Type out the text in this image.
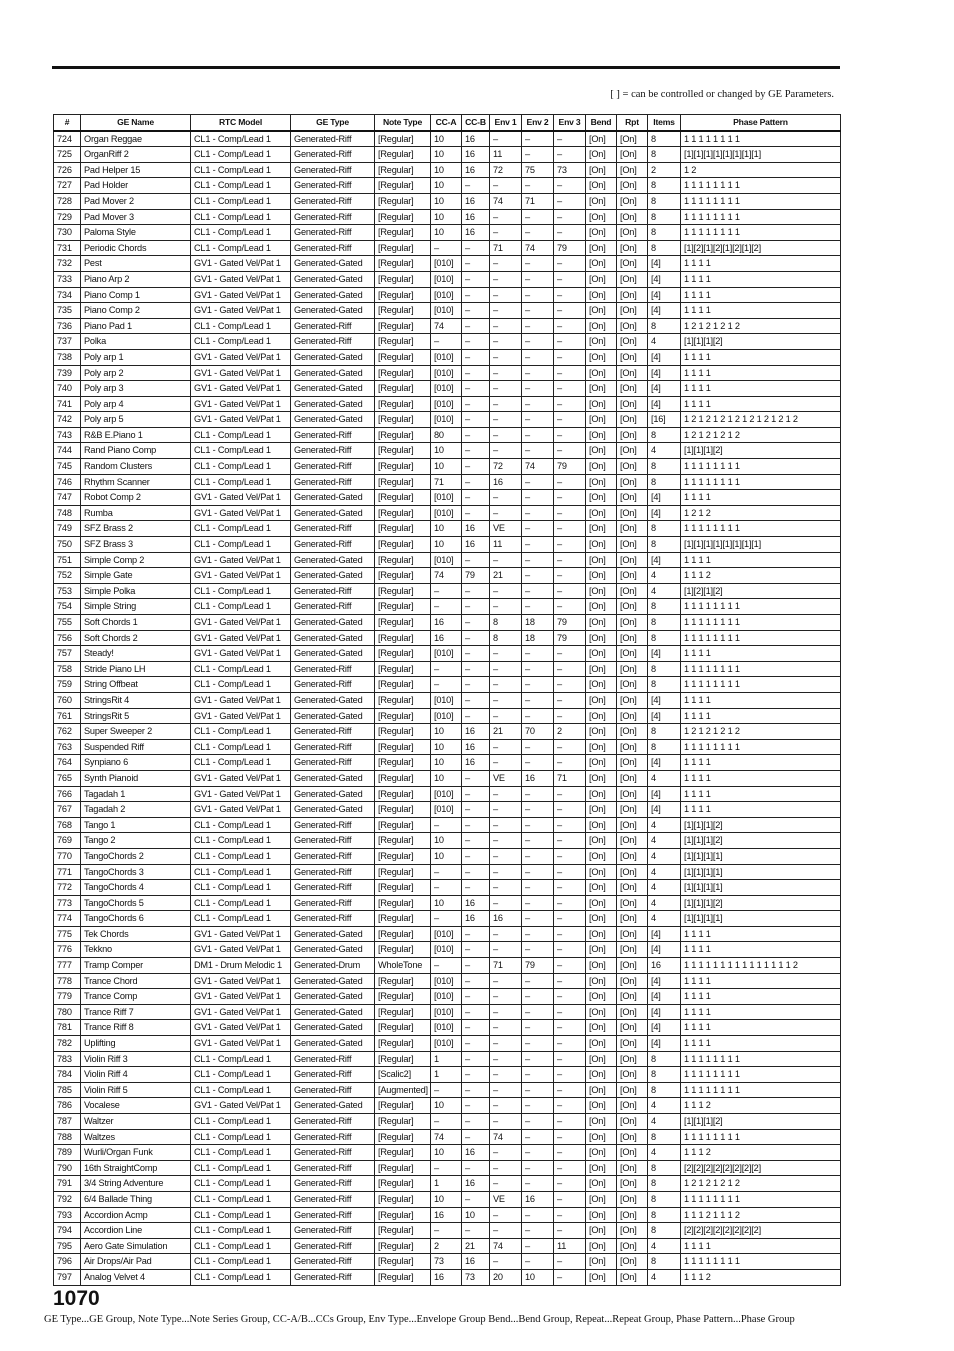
[ ] = can be controlled or changed by GE Parameters.
#	GE Name	RTC Model	GE Type	Note Type	CC-A	CC-B	Env 1	Env 2	Env 3	Bend	Rpt	Items	Phase Pattern
724	Organ Reggae	CL1 - Comp/Lead 1	Generated-Riff	[Regular]	10	16	–	–	–	[On]	[On]	8	1 1 1 1 1 1 1 1
725	OrganRiff 2	CL1 - Comp/Lead 1	Generated-Riff	[Regular]	10	16	11	–	–	[On]	[On]	8	[1][1][1][1][1][1][1][1]
726	Pad Helper 15	CL1 - Comp/Lead 1	Generated-Riff	[Regular]	10	16	72	75	73	[On]	[On]	2	1 2
727	Pad Holder	CL1 - Comp/Lead 1	Generated-Riff	[Regular]	10	–	–	–	–	[On]	[On]	8	1 1 1 1 1 1 1 1
728	Pad Mover 2	CL1 - Comp/Lead 1	Generated-Riff	[Regular]	10	16	74	71	–	[On]	[On]	8	1 1 1 1 1 1 1 1
729	Pad Mover 3	CL1 - Comp/Lead 1	Generated-Riff	[Regular]	10	16	–	–	–	[On]	[On]	8	1 1 1 1 1 1 1 1
730	Paloma Style	CL1 - Comp/Lead 1	Generated-Riff	[Regular]	10	16	–	–	–	[On]	[On]	8	1 1 1 1 1 1 1 1
731	Periodic Chords	CL1 - Comp/Lead 1	Generated-Riff	[Regular]	–	–	71	74	79	[On]	[On]	8	[1][2][1][2][1][2][1][2]
732	Pest	GV1 - Gated Vel/Pat 1	Generated-Gated	[Regular]	[010]	–	–	–	–	[On]	[On]	[4]	1 1 1 1
733	Piano Arp 2	GV1 - Gated Vel/Pat 1	Generated-Gated	[Regular]	[010]	–	–	–	–	[On]	[On]	[4]	1 1 1 1
734	Piano Comp 1	GV1 - Gated Vel/Pat 1	Generated-Gated	[Regular]	[010]	–	–	–	–	[On]	[On]	[4]	1 1 1 1
735	Piano Comp 2	GV1 - Gated Vel/Pat 1	Generated-Gated	[Regular]	[010]	–	–	–	–	[On]	[On]	[4]	1 1 1 1
736	Piano Pad 1	CL1 - Comp/Lead 1	Generated-Riff	[Regular]	74	–	–	–	–	[On]	[On]	8	1 2 1 2 1 2 1 2
737	Polka	CL1 - Comp/Lead 1	Generated-Riff	[Regular]	–	–	–	–	–	[On]	[On]	4	[1][1][1][2]
738	Poly arp 1	GV1 - Gated Vel/Pat 1	Generated-Gated	[Regular]	[010]	–	–	–	–	[On]	[On]	[4]	1 1 1 1
739	Poly arp 2	GV1 - Gated Vel/Pat 1	Generated-Gated	[Regular]	[010]	–	–	–	–	[On]	[On]	[4]	1 1 1 1
740	Poly arp 3	GV1 - Gated Vel/Pat 1	Generated-Gated	[Regular]	[010]	–	–	–	–	[On]	[On]	[4]	1 1 1 1
741	Poly arp 4	GV1 - Gated Vel/Pat 1	Generated-Gated	[Regular]	[010]	–	–	–	–	[On]	[On]	[4]	1 1 1 1
742	Poly arp 5	GV1 - Gated Vel/Pat 1	Generated-Gated	[Regular]	[010]	–	–	–	–	[On]	[On]	[16]	1 2 1 2 1 2 1 2 1 2 1 2 1 2 1 2
743	R&B E.Piano 1	CL1 - Comp/Lead 1	Generated-Riff	[Regular]	80	–	–	–	–	[On]	[On]	8	1 2 1 2 1 2 1 2
744	Rand Piano Comp	CL1 - Comp/Lead 1	Generated-Riff	[Regular]	10	–	–	–	–	[On]	[On]	4	[1][1][1][2]
745	Random Clusters	CL1 - Comp/Lead 1	Generated-Riff	[Regular]	10	–	72	74	79	[On]	[On]	8	1 1 1 1 1 1 1 1
746	Rhythm Scanner	CL1 - Comp/Lead 1	Generated-Riff	[Regular]	71	–	16	–	–	[On]	[On]	8	1 1 1 1 1 1 1 1
747	Robot Comp 2	GV1 - Gated Vel/Pat 1	Generated-Gated	[Regular]	[010]	–	–	–	–	[On]	[On]	[4]	1 1 1 1
748	Rumba	GV1 - Gated Vel/Pat 1	Generated-Gated	[Regular]	[010]	–	–	–	–	[On]	[On]	[4]	1 2 1 2
749	SFZ Brass 2	CL1 - Comp/Lead 1	Generated-Riff	[Regular]	10	16	VE	–	–	[On]	[On]	8	1 1 1 1 1 1 1 1
750	SFZ Brass 3	CL1 - Comp/Lead 1	Generated-Riff	[Regular]	10	16	11	–	–	[On]	[On]	8	[1][1][1][1][1][1][1][1]
751	Simple Comp 2	GV1 - Gated Vel/Pat 1	Generated-Gated	[Regular]	[010]	–	–	–	–	[On]	[On]	[4]	1 1 1 1
752	Simple Gate	GV1 - Gated Vel/Pat 1	Generated-Gated	[Regular]	74	79	21	–	–	[On]	[On]	4	1 1 1 2
753	Simple Polka	CL1 - Comp/Lead 1	Generated-Riff	[Regular]	–	–	–	–	–	[On]	[On]	4	[1][2][1][2]
754	Simple String	CL1 - Comp/Lead 1	Generated-Riff	[Regular]	–	–	–	–	–	[On]	[On]	8	1 1 1 1 1 1 1 1
755	Soft Chords 1	GV1 - Gated Vel/Pat 1	Generated-Gated	[Regular]	16	–	8	18	79	[On]	[On]	8	1 1 1 1 1 1 1 1
756	Soft Chords 2	GV1 - Gated Vel/Pat 1	Generated-Gated	[Regular]	16	–	8	18	79	[On]	[On]	8	1 1 1 1 1 1 1 1
757	Steady!	GV1 - Gated Vel/Pat 1	Generated-Gated	[Regular]	[010]	–	–	–	–	[On]	[On]	[4]	1 1 1 1
758	Stride Piano LH	CL1 - Comp/Lead 1	Generated-Riff	[Regular]	–	–	–	–	–	[On]	[On]	8	1 1 1 1 1 1 1 1
759	String Offbeat	CL1 - Comp/Lead 1	Generated-Riff	[Regular]	–	–	–	–	–	[On]	[On]	8	1 1 1 1 1 1 1 1
760	StringsRit 4	GV1 - Gated Vel/Pat 1	Generated-Gated	[Regular]	[010]	–	–	–	–	[On]	[On]	[4]	1 1 1 1
761	StringsRit 5	GV1 - Gated Vel/Pat 1	Generated-Gated	[Regular]	[010]	–	–	–	–	[On]	[On]	[4]	1 1 1 1
762	Super Sweeper 2	CL1 - Comp/Lead 1	Generated-Riff	[Regular]	10	16	21	70	2	[On]	[On]	8	1 2 1 2 1 2 1 2
763	Suspended Riff	CL1 - Comp/Lead 1	Generated-Riff	[Regular]	10	16	–	–	–	[On]	[On]	8	1 1 1 1 1 1 1 1
764	Synpiano 6	CL1 - Comp/Lead 1	Generated-Riff	[Regular]	10	16	–	–	–	[On]	[On]	[4]	1 1 1 1
765	Synth Pianoid	GV1 - Gated Vel/Pat 1	Generated-Gated	[Regular]	10	–	VE	16	71	[On]	[On]	4	1 1 1 1
766	Tagadah 1	GV1 - Gated Vel/Pat 1	Generated-Gated	[Regular]	[010]	–	–	–	–	[On]	[On]	[4]	1 1 1 1
767	Tagadah 2	GV1 - Gated Vel/Pat 1	Generated-Gated	[Regular]	[010]	–	–	–	–	[On]	[On]	[4]	1 1 1 1
768	Tango 1	CL1 - Comp/Lead 1	Generated-Riff	[Regular]	–	–	–	–	–	[On]	[On]	4	[1][1][1][2]
769	Tango 2	CL1 - Comp/Lead 1	Generated-Riff	[Regular]	10	–	–	–	–	[On]	[On]	4	[1][1][1][2]
770	TangoChords 2	CL1 - Comp/Lead 1	Generated-Riff	[Regular]	10	–	–	–	–	[On]	[On]	4	[1][1][1][1]
771	TangoChords 3	CL1 - Comp/Lead 1	Generated-Riff	[Regular]	–	–	–	–	–	[On]	[On]	4	[1][1][1][1]
772	TangoChords 4	CL1 - Comp/Lead 1	Generated-Riff	[Regular]	–	–	–	–	–	[On]	[On]	4	[1][1][1][1]
773	TangoChords 5	CL1 - Comp/Lead 1	Generated-Riff	[Regular]	10	16	–	–	–	[On]	[On]	4	[1][1][1][2]
774	TangoChords 6	CL1 - Comp/Lead 1	Generated-Riff	[Regular]	–	16	16	–	–	[On]	[On]	4	[1][1][1][1]
775	Tek Chords	GV1 - Gated Vel/Pat 1	Generated-Gated	[Regular]	[010]	–	–	–	–	[On]	[On]	[4]	1 1 1 1
776	Tekkno	GV1 - Gated Vel/Pat 1	Generated-Gated	[Regular]	[010]	–	–	–	–	[On]	[On]	[4]	1 1 1 1
777	Tramp Comper	DM1 - Drum Melodic 1	Generated-Drum	WholeTone	–	–	71	79	–	[On]	[On]	16	1 1 1 1 1 1 1 1 1 1 1 1 1 1 1 2
778	Trance Chord	GV1 - Gated Vel/Pat 1	Generated-Gated	[Regular]	[010]	–	–	–	–	[On]	[On]	[4]	1 1 1 1
779	Trance Comp	GV1 - Gated Vel/Pat 1	Generated-Gated	[Regular]	[010]	–	–	–	–	[On]	[On]	[4]	1 1 1 1
780	Trance Riff 7	GV1 - Gated Vel/Pat 1	Generated-Gated	[Regular]	[010]	–	–	–	–	[On]	[On]	[4]	1 1 1 1
781	Trance Riff 8	GV1 - Gated Vel/Pat 1	Generated-Gated	[Regular]	[010]	–	–	–	–	[On]	[On]	[4]	1 1 1 1
782	Uplifting	GV1 - Gated Vel/Pat 1	Generated-Gated	[Regular]	[010]	–	–	–	–	[On]	[On]	[4]	1 1 1 1
783	Violin Riff 3	CL1 - Comp/Lead 1	Generated-Riff	[Regular]	1	–	–	–	–	[On]	[On]	8	1 1 1 1 1 1 1 1
784	Violin Riff 4	CL1 - Comp/Lead 1	Generated-Riff	[Scalic2]	1	–	–	–	–	[On]	[On]	8	1 1 1 1 1 1 1 1
785	Violin Riff 5	CL1 - Comp/Lead 1	Generated-Riff	[Augmented]	–	–	–	–	–	[On]	[On]	8	1 1 1 1 1 1 1 1
786	Vocalese	GV1 - Gated Vel/Pat 1	Generated-Gated	[Regular]	10	–	–	–	–	[On]	[On]	4	1 1 1 2
787	Waltzer	CL1 - Comp/Lead 1	Generated-Riff	[Regular]	–	–	–	–	–	[On]	[On]	4	[1][1][1][2]
788	Waltzes	CL1 - Comp/Lead 1	Generated-Riff	[Regular]	74	–	74	–	–	[On]	[On]	8	1 1 1 1 1 1 1 1
789	Wurli/Organ Funk	CL1 - Comp/Lead 1	Generated-Riff	[Regular]	10	16	–	–	–	[On]	[On]	4	1 1 1 2
790	16th StraightComp	CL1 - Comp/Lead 1	Generated-Riff	[Regular]	–	–	–	–	–	[On]	[On]	8	[2][2][2][2][2][2][2][2]
791	3/4 String Adventure	CL1 - Comp/Lead 1	Generated-Riff	[Regular]	1	16	–	–	–	[On]	[On]	8	1 2 1 2 1 2 1 2
792	6/4 Ballade Thing	CL1 - Comp/Lead 1	Generated-Riff	[Regular]	10	–	VE	16	–	[On]	[On]	8	1 1 1 1 1 1 1 1
793	Accordion Acmp	CL1 - Comp/Lead 1	Generated-Riff	[Regular]	16	10	–	–	–	[On]	[On]	8	1 1 1 2 1 1 1 2
794	Accordion Line	CL1 - Comp/Lead 1	Generated-Riff	[Regular]	–	–	–	–	–	[On]	[On]	8	[2][2][2][2][2][2][2][2]
795	Aero Gate Simulation	CL1 - Comp/Lead 1	Generated-Riff	[Regular]	2	21	74	–	11	[On]	[On]	4	1 1 1 1
796	Air Drops/Air Pad	CL1 - Comp/Lead 1	Generated-Riff	[Regular]	73	16	–	–	–	[On]	[On]	8	1 1 1 1 1 1 1 1
797	Analog Velvet 4	CL1 - Comp/Lead 1	Generated-Riff	[Regular]	16	73	20	10	–	[On]	[On]	4	1 1 1 2
1070
GE Type...GE Group, Note Type...Note Series Group, CC-A/B...CCs Group, Env Type...Envelope Group Bend...Bend Group, Repeat...Repeat Group, Phase Pattern...Phase Group
